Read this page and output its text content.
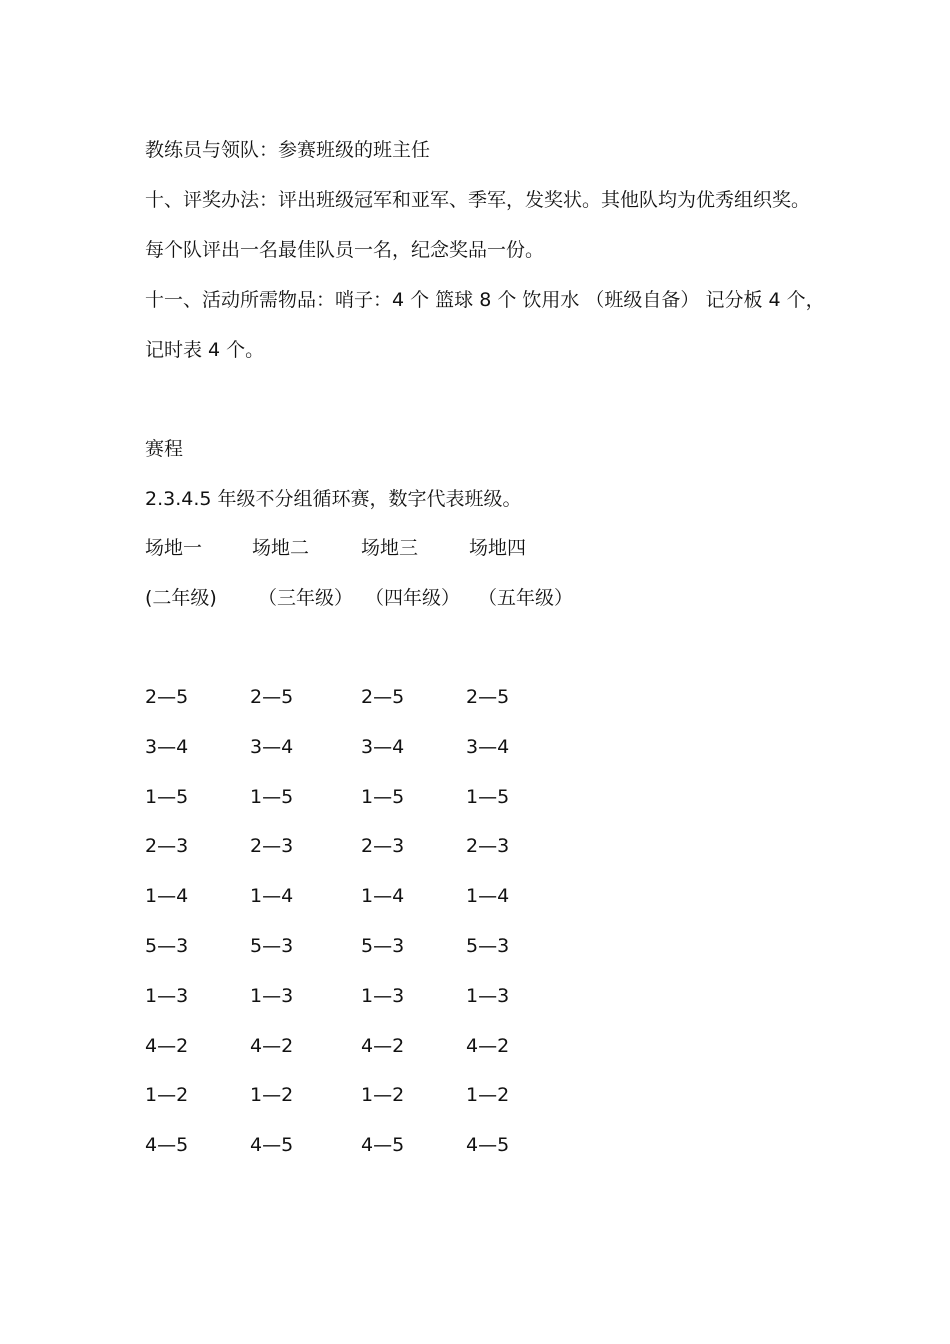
教练员与领队：参赛班级的班主任
十、评奖办法：评出班级冠军和亚军、季军，发奖状。其他队均为优秀组织奖。
每个队评出一名最佳队员一名，纪念奖品一份。
十一、活动所需物品：哨子：4 个 篮球 8 个 饮用水 （班级自备） 记分板 4 个，
记时表 4 个。
赛程
2.3.4.5 年级不分组循环赛，数字代表班级。
场地一	场地二	场地三	场地四
(二年级) （三年级） （四年级） （五年级）
2—5	2—5	2—5	2—5
3—4	3—4	3—4	3—4
1—5	1—5	1—5	1—5
2—3	2—3	2—3	2—3
1—4	1—4	1—4	1—4
5—3	5—3	5—3	5—3
1—3	1—3	1—3	1—3
4—2	4—2	4—2	4—2
1—2	1—2	1—2	1—2
4—5	4—5	4—5	4—5
